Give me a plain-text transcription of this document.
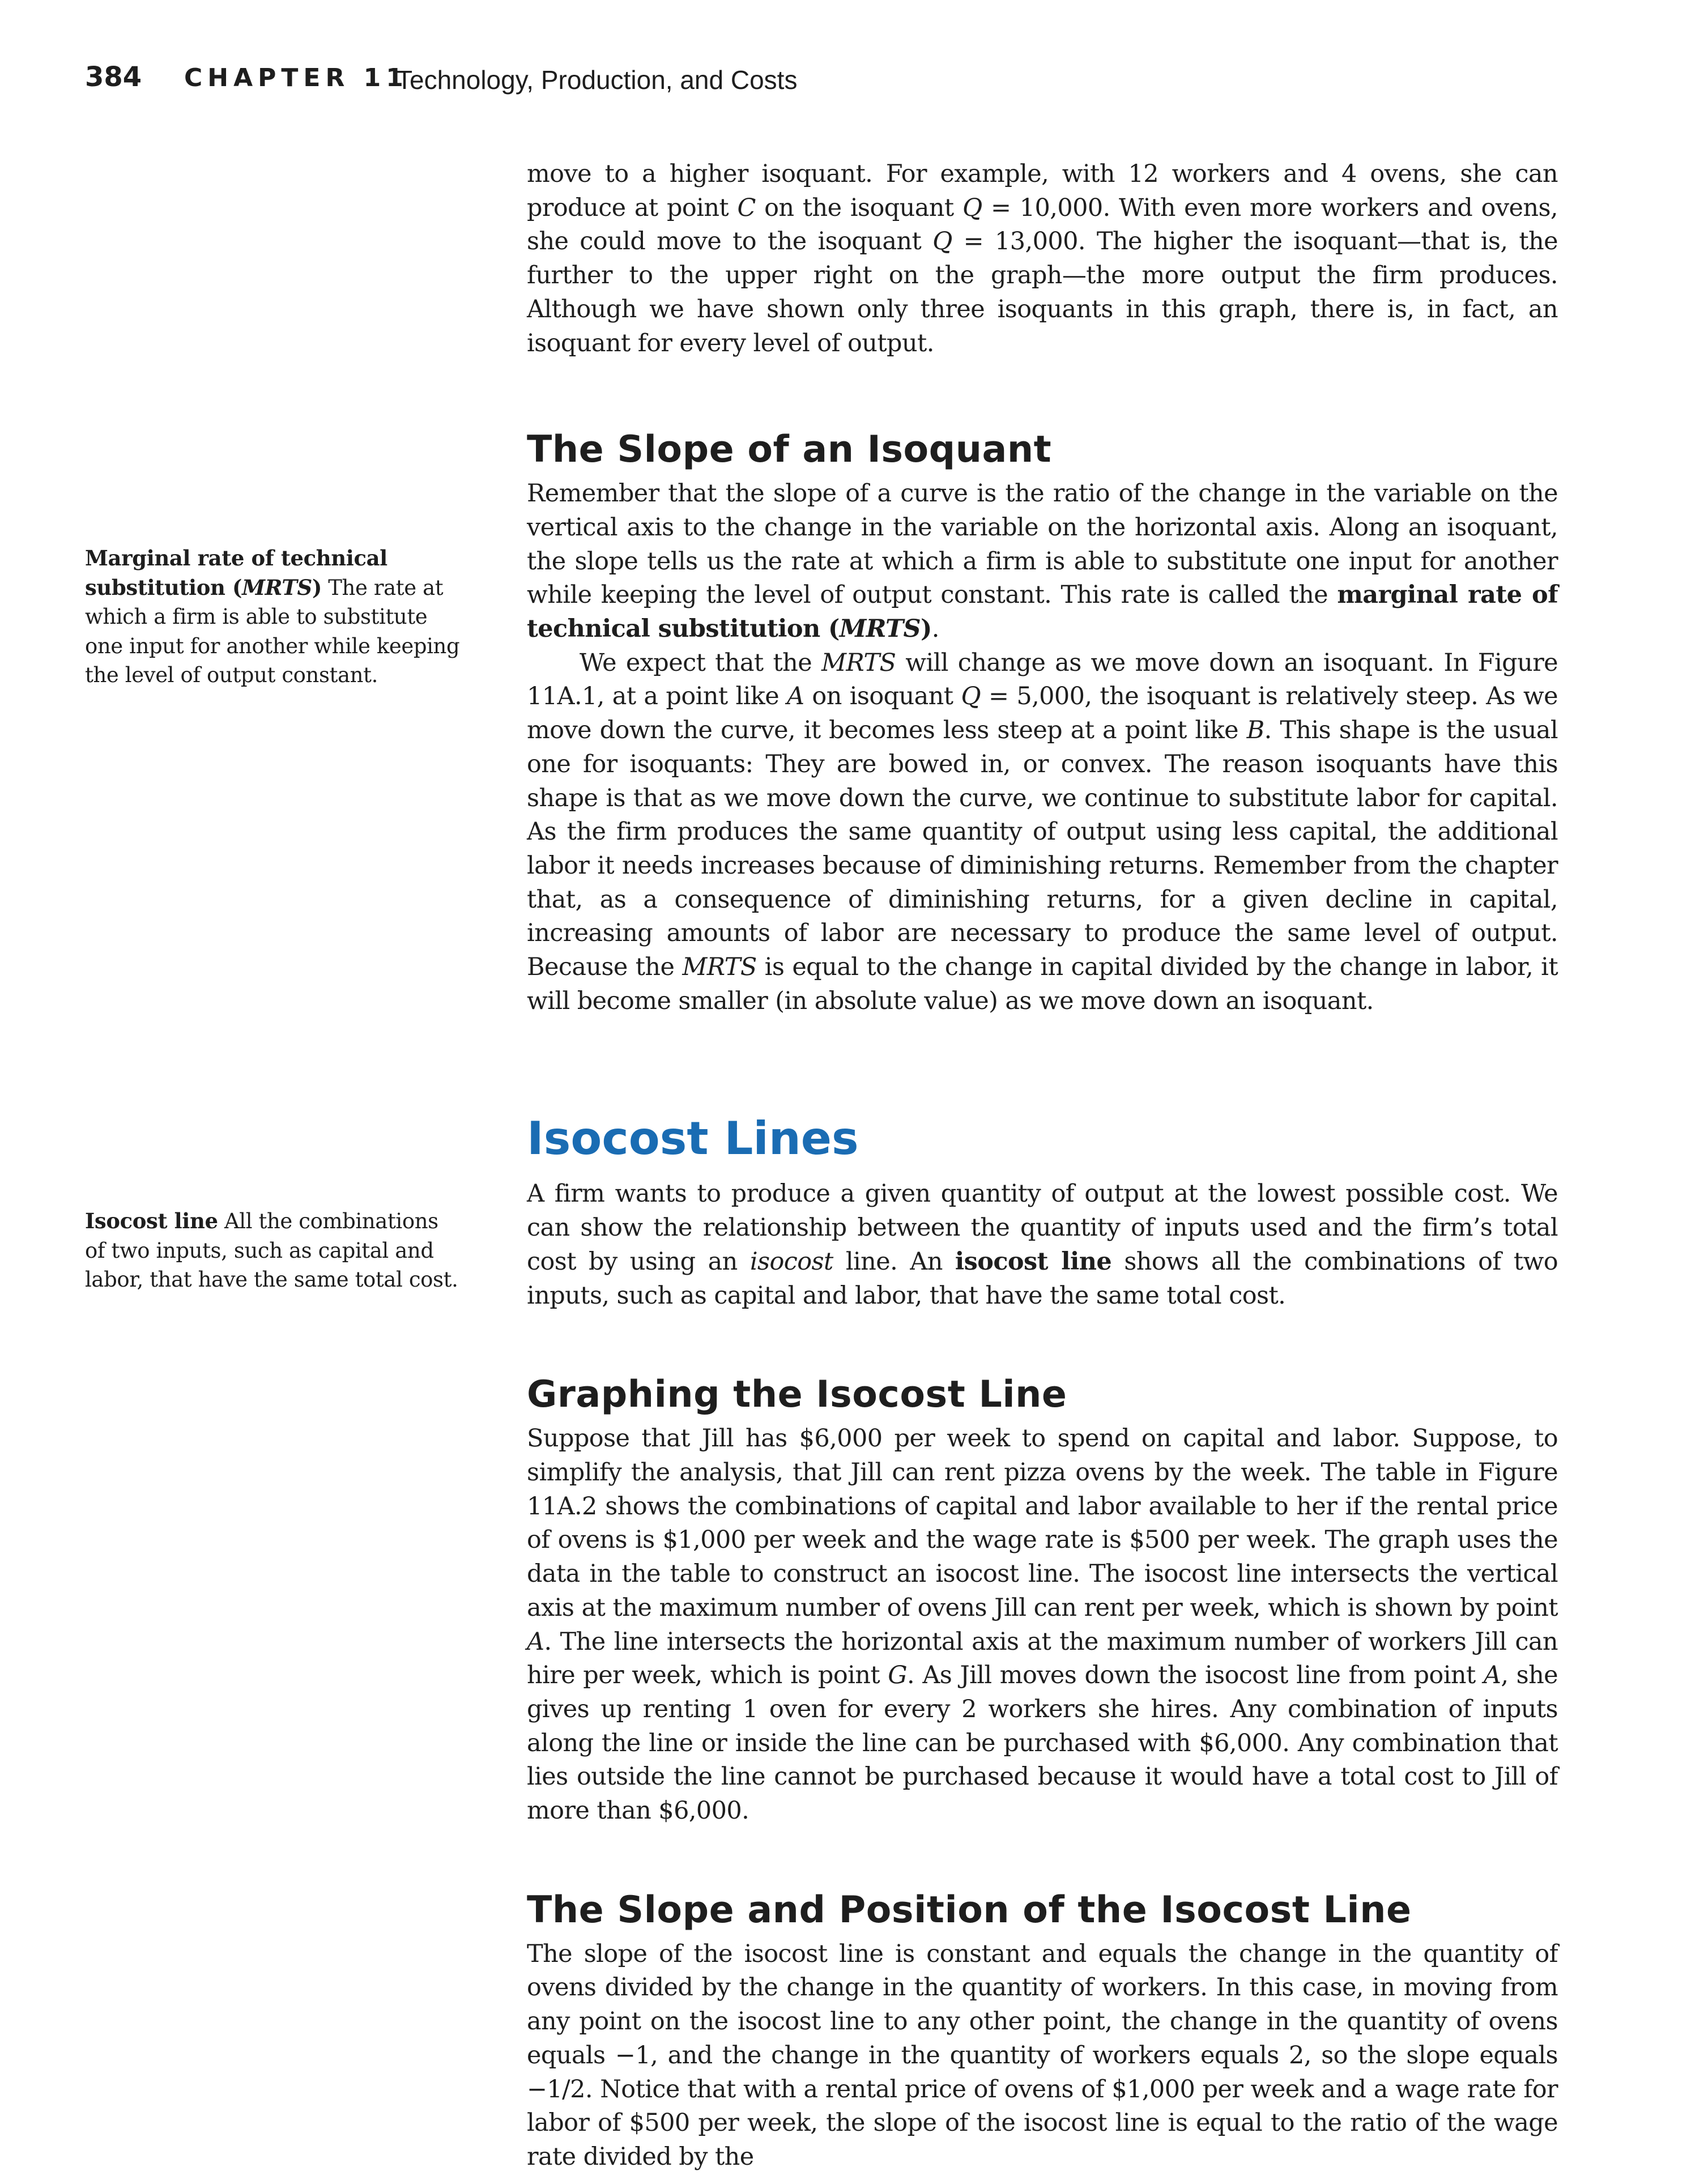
384 CHAPTER 11
Technology, Production, and Costs
Marginal rate of technical substitution (MRTS) The rate at which a firm is able to substitute one input for another while keeping the level of output constant.
Isocost line All the combinations of two inputs, such as capital and labor, that have the same total cost.

move to a higher isoquant. For example, with 12 workers and 4 ovens, she can produce at point C on the isoquant Q = 10,000. With even more workers and ovens, she could move to the isoquant Q = 13,000. The higher the isoquant—that is, the further to the upper right on the graph—the more output the firm produces. Although we have shown only three isoquants in this graph, there is, in fact, an isoquant for every level of output.

The Slope of an Isoquant

Remember that the slope of a curve is the ratio of the change in the variable on the vertical axis to the change in the variable on the horizontal axis. Along an isoquant, the slope tells us the rate at which a firm is able to substitute one input for another while keeping the level of output constant. This rate is called the marginal rate of technical substitution (MRTS).

We expect that the MRTS will change as we move down an isoquant. In Figure 11A.1, at a point like A on isoquant Q = 5,000, the isoquant is relatively steep. As we move down the curve, it becomes less steep at a point like B. This shape is the usual one for isoquants: They are bowed in, or convex. The reason isoquants have this shape is that as we move down the curve, we continue to substitute labor for capital. As the firm produces the same quantity of output using less capital, the additional labor it needs increases because of diminishing returns. Remember from the chapter that, as a consequence of diminishing returns, for a given decline in capital, increasing amounts of labor are necessary to produce the same level of output. Because the MRTS is equal to the change in capital divided by the change in labor, it will become smaller (in absolute value) as we move down an isoquant.

Isocost Lines

A firm wants to produce a given quantity of output at the lowest possible cost. We can show the relationship between the quantity of inputs used and the firm’s total cost by using an isocost line. An isocost line shows all the combinations of two inputs, such as capital and labor, that have the same total cost.

Graphing the Isocost Line

Suppose that Jill has $6,000 per week to spend on capital and labor. Suppose, to simplify the analysis, that Jill can rent pizza ovens by the week. The table in Figure 11A.2 shows the combinations of capital and labor available to her if the rental price of ovens is $1,000 per week and the wage rate is $500 per week. The graph uses the data in the table to construct an isocost line. The isocost line intersects the vertical axis at the maximum number of ovens Jill can rent per week, which is shown by point A. The line intersects the horizontal axis at the maximum number of workers Jill can hire per week, which is point G. As Jill moves down the isocost line from point A, she gives up renting 1 oven for every 2 workers she hires. Any combination of inputs along the line or inside the line can be purchased with $6,000. Any combination that lies outside the line cannot be purchased because it would have a total cost to Jill of more than $6,000.

The Slope and Position of the Isocost Line

The slope of the isocost line is constant and equals the change in the quantity of ovens divided by the change in the quantity of workers. In this case, in moving from any point on the isocost line to any other point, the change in the quantity of ovens equals −1, and the change in the quantity of workers equals 2, so the slope equals −1/2. Notice that with a rental price of ovens of $1,000 per week and a wage rate for labor of $500 per week, the slope of the isocost line is equal to the ratio of the wage rate divided by the
